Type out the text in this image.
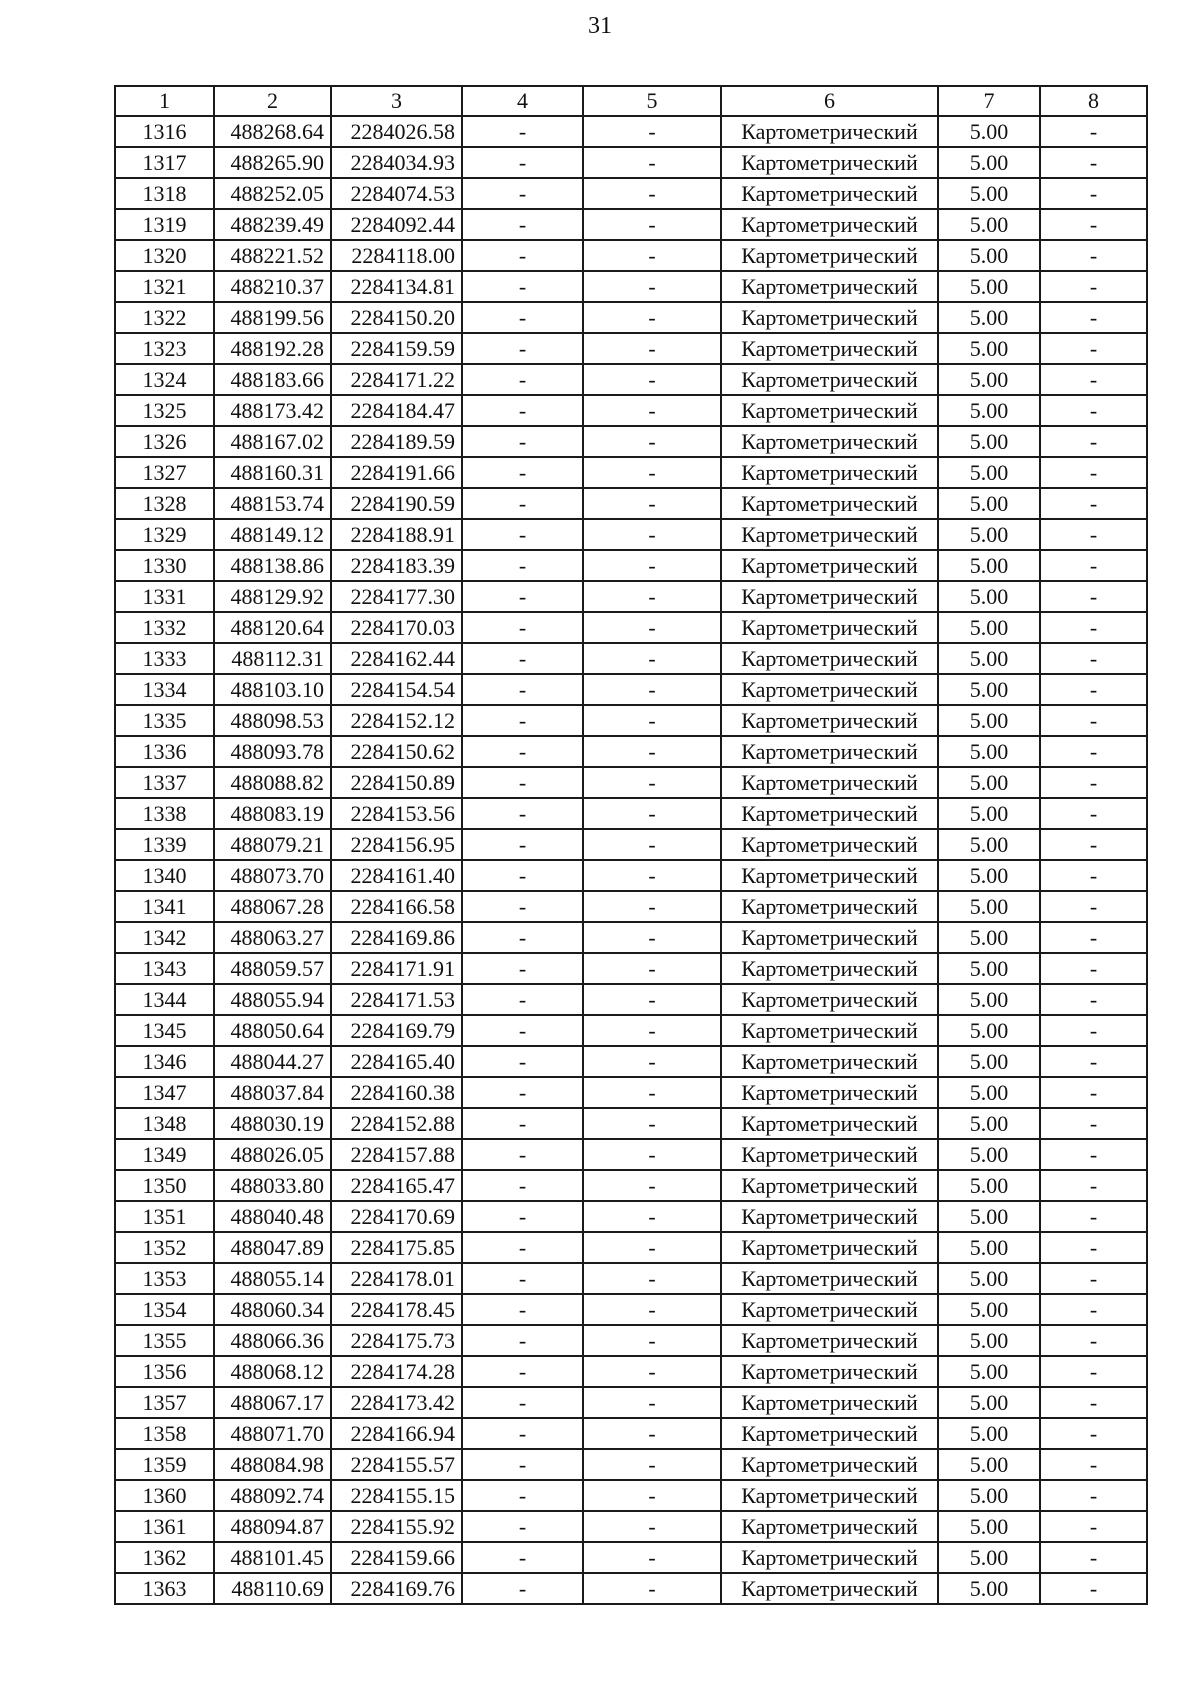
31
1	2	3	4	5	6	7	8
1316	488268.64	2284026.58	-	-	Картометрический	5.00	-
1317	488265.90	2284034.93	-	-	Картометрический	5.00	-
1318	488252.05	2284074.53	-	-	Картометрический	5.00	-
1319	488239.49	2284092.44	-	-	Картометрический	5.00	-
1320	488221.52	2284118.00	-	-	Картометрический	5.00	-
1321	488210.37	2284134.81	-	-	Картометрический	5.00	-
1322	488199.56	2284150.20	-	-	Картометрический	5.00	-
1323	488192.28	2284159.59	-	-	Картометрический	5.00	-
1324	488183.66	2284171.22	-	-	Картометрический	5.00	-
1325	488173.42	2284184.47	-	-	Картометрический	5.00	-
1326	488167.02	2284189.59	-	-	Картометрический	5.00	-
1327	488160.31	2284191.66	-	-	Картометрический	5.00	-
1328	488153.74	2284190.59	-	-	Картометрический	5.00	-
1329	488149.12	2284188.91	-	-	Картометрический	5.00	-
1330	488138.86	2284183.39	-	-	Картометрический	5.00	-
1331	488129.92	2284177.30	-	-	Картометрический	5.00	-
1332	488120.64	2284170.03	-	-	Картометрический	5.00	-
1333	488112.31	2284162.44	-	-	Картометрический	5.00	-
1334	488103.10	2284154.54	-	-	Картометрический	5.00	-
1335	488098.53	2284152.12	-	-	Картометрический	5.00	-
1336	488093.78	2284150.62	-	-	Картометрический	5.00	-
1337	488088.82	2284150.89	-	-	Картометрический	5.00	-
1338	488083.19	2284153.56	-	-	Картометрический	5.00	-
1339	488079.21	2284156.95	-	-	Картометрический	5.00	-
1340	488073.70	2284161.40	-	-	Картометрический	5.00	-
1341	488067.28	2284166.58	-	-	Картометрический	5.00	-
1342	488063.27	2284169.86	-	-	Картометрический	5.00	-
1343	488059.57	2284171.91	-	-	Картометрический	5.00	-
1344	488055.94	2284171.53	-	-	Картометрический	5.00	-
1345	488050.64	2284169.79	-	-	Картометрический	5.00	-
1346	488044.27	2284165.40	-	-	Картометрический	5.00	-
1347	488037.84	2284160.38	-	-	Картометрический	5.00	-
1348	488030.19	2284152.88	-	-	Картометрический	5.00	-
1349	488026.05	2284157.88	-	-	Картометрический	5.00	-
1350	488033.80	2284165.47	-	-	Картометрический	5.00	-
1351	488040.48	2284170.69	-	-	Картометрический	5.00	-
1352	488047.89	2284175.85	-	-	Картометрический	5.00	-
1353	488055.14	2284178.01	-	-	Картометрический	5.00	-
1354	488060.34	2284178.45	-	-	Картометрический	5.00	-
1355	488066.36	2284175.73	-	-	Картометрический	5.00	-
1356	488068.12	2284174.28	-	-	Картометрический	5.00	-
1357	488067.17	2284173.42	-	-	Картометрический	5.00	-
1358	488071.70	2284166.94	-	-	Картометрический	5.00	-
1359	488084.98	2284155.57	-	-	Картометрический	5.00	-
1360	488092.74	2284155.15	-	-	Картометрический	5.00	-
1361	488094.87	2284155.92	-	-	Картометрический	5.00	-
1362	488101.45	2284159.66	-	-	Картометрический	5.00	-
1363	488110.69	2284169.76	-	-	Картометрический	5.00	-
